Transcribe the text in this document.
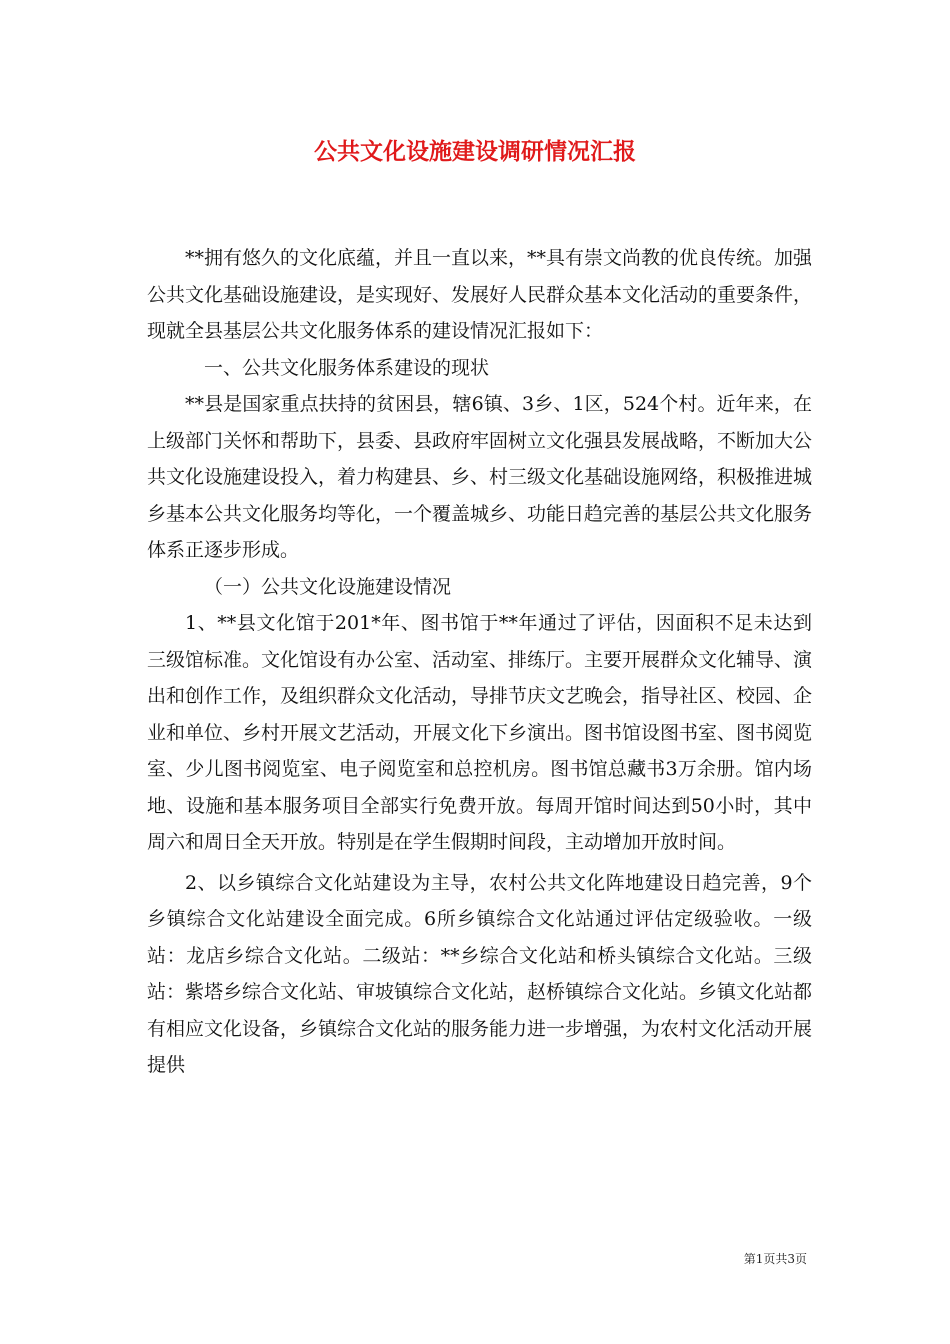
公共文化设施建设调研情况汇报

**拥有悠久的文化底蕴，并且一直以来，**具有崇文尚教的优良传统。加强公共文化基础设施建设，是实现好、发展好人民群众基本文化活动的重要条件，现就全县基层公共文化服务体系的建设情况汇报如下：

一、公共文化服务体系建设的现状

**县是国家重点扶持的贫困县，辖6镇、3乡、1区，524个村。近年来，在上级部门关怀和帮助下，县委、县政府牢固树立文化强县发展战略，不断加大公共文化设施建设投入，着力构建县、乡、村三级文化基础设施网络，积极推进城乡基本公共文化服务均等化，一个覆盖城乡、功能日趋完善的基层公共文化服务体系正逐步形成。

（一）公共文化设施建设情况

1、**县文化馆于201*年、图书馆于**年通过了评估，因面积不足未达到三级馆标准。文化馆设有办公室、活动室、排练厅。主要开展群众文化辅导、演出和创作工作，及组织群众文化活动，导排节庆文艺晚会，指导社区、校园、企业和单位、乡村开展文艺活动，开展文化下乡演出。图书馆设图书室、图书阅览室、少儿图书阅览室、电子阅览室和总控机房。图书馆总藏书3万余册。馆内场地、设施和基本服务项目全部实行免费开放。每周开馆时间达到50小时，其中周六和周日全天开放。特别是在学生假期时间段，主动增加开放时间。

2、以乡镇综合文化站建设为主导，农村公共文化阵地建设日趋完善，9个乡镇综合文化站建设全面完成。6所乡镇综合文化站通过评估定级验收。一级站：龙店乡综合文化站。二级站：**乡综合文化站和桥头镇综合文化站。三级站：紫塔乡综合文化站、审坡镇综合文化站，赵桥镇综合文化站。乡镇文化站都有相应文化设备，乡镇综合文化站的服务能力进一步增强，为农村文化活动开展提供

第1页共3页
